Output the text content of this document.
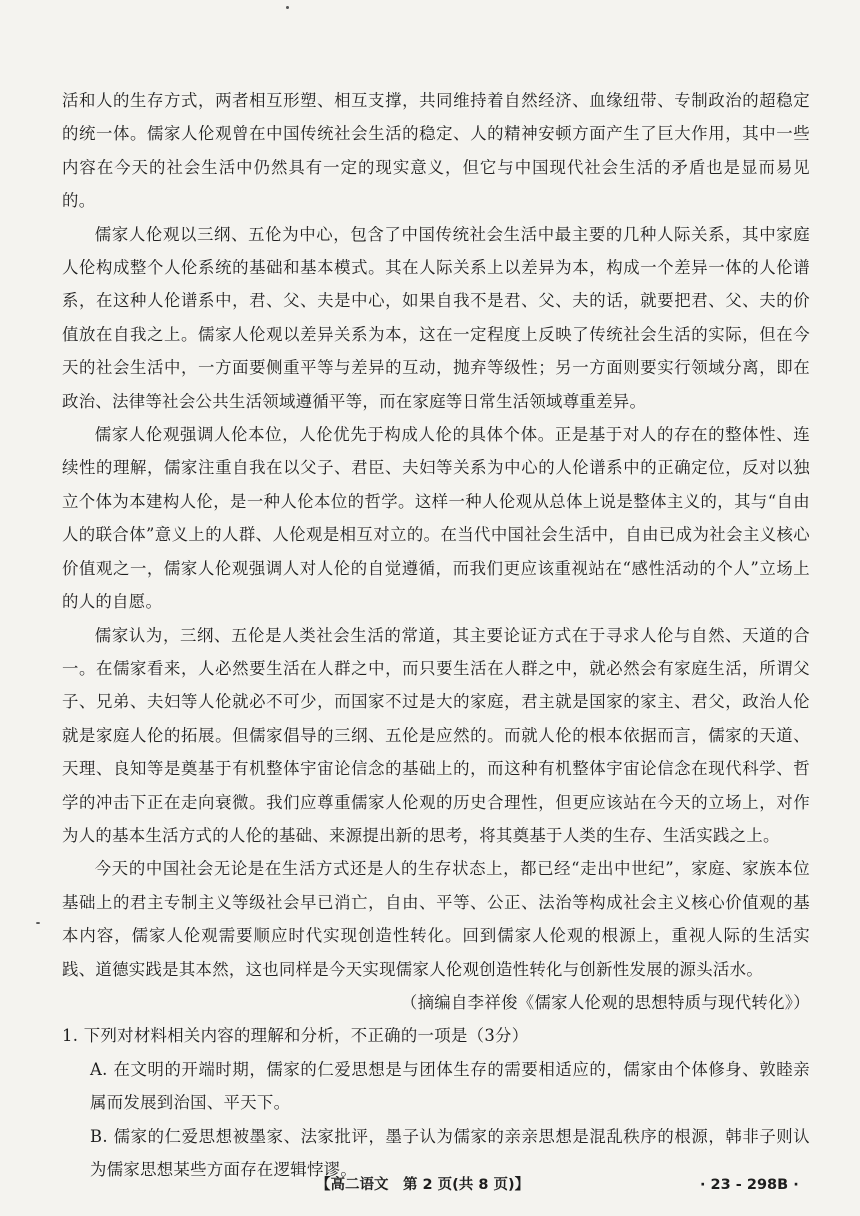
活和人的生存方式，两者相互形塑、相互支撑，共同维持着自然经济、血缘纽带、专制政治的超稳定的统一体。儒家人伦观曾在中国传统社会生活的稳定、人的精神安顿方面产生了巨大作用，其中一些内容在今天的社会生活中仍然具有一定的现实意义，但它与中国现代社会生活的矛盾也是显而易见的。

儒家人伦观以三纲、五伦为中心，包含了中国传统社会生活中最主要的几种人际关系，其中家庭人伦构成整个人伦系统的基础和基本模式。其在人际关系上以差异为本，构成一个差异一体的人伦谱系，在这种人伦谱系中，君、父、夫是中心，如果自我不是君、父、夫的话，就要把君、父、夫的价值放在自我之上。儒家人伦观以差异关系为本，这在一定程度上反映了传统社会生活的实际，但在今天的社会生活中，一方面要侧重平等与差异的互动，抛弃等级性；另一方面则要实行领域分离，即在政治、法律等社会公共生活领域遵循平等，而在家庭等日常生活领域尊重差异。

儒家人伦观强调人伦本位，人伦优先于构成人伦的具体个体。正是基于对人的存在的整体性、连续性的理解，儒家注重自我在以父子、君臣、夫妇等关系为中心的人伦谱系中的正确定位，反对以独立个体为本建构人伦，是一种人伦本位的哲学。这样一种人伦观从总体上说是整体主义的，其与“自由人的联合体”意义上的人群、人伦观是相互对立的。在当代中国社会生活中，自由已成为社会主义核心价值观之一，儒家人伦观强调人对人伦的自觉遵循，而我们更应该重视站在“感性活动的个人”立场上的人的自愿。

儒家认为，三纲、五伦是人类社会生活的常道，其主要论证方式在于寻求人伦与自然、天道的合一。在儒家看来，人必然要生活在人群之中，而只要生活在人群之中，就必然会有家庭生活，所谓父子、兄弟、夫妇等人伦就必不可少，而国家不过是大的家庭，君主就是国家的家主、君父，政治人伦就是家庭人伦的拓展。但儒家倡导的三纲、五伦是应然的。而就人伦的根本依据而言，儒家的天道、天理、良知等是奠基于有机整体宇宙论信念的基础上的，而这种有机整体宇宙论信念在现代科学、哲学的冲击下正在走向衰微。我们应尊重儒家人伦观的历史合理性，但更应该站在今天的立场上，对作为人的基本生活方式的人伦的基础、来源提出新的思考，将其奠基于人类的生存、生活实践之上。

今天的中国社会无论是在生活方式还是人的生存状态上，都已经“走出中世纪”，家庭、家族本位基础上的君主专制主义等级社会早已消亡，自由、平等、公正、法治等构成社会主义核心价值观的基本内容，儒家人伦观需要顺应时代实现创造性转化。回到儒家人伦观的根源上，重视人际的生活实践、道德实践是其本然，这也同样是今天实现儒家人伦观创造性转化与创新性发展的源头活水。

（摘编自李祥俊《儒家人伦观的思想特质与现代转化》）

1. 下列对材料相关内容的理解和分析，不正确的一项是（3分）

A. 在文明的开端时期，儒家的仁爱思想是与团体生存的需要相适应的，儒家由个体修身、敦睦亲属而发展到治国、平天下。

B. 儒家的仁爱思想被墨家、法家批评，墨子认为儒家的亲亲思想是混乱秩序的根源，韩非子则认为儒家思想某些方面存在逻辑悖谬。

【高二语文　第 2 页(共 8 页)】	· 23 - 298B ·
